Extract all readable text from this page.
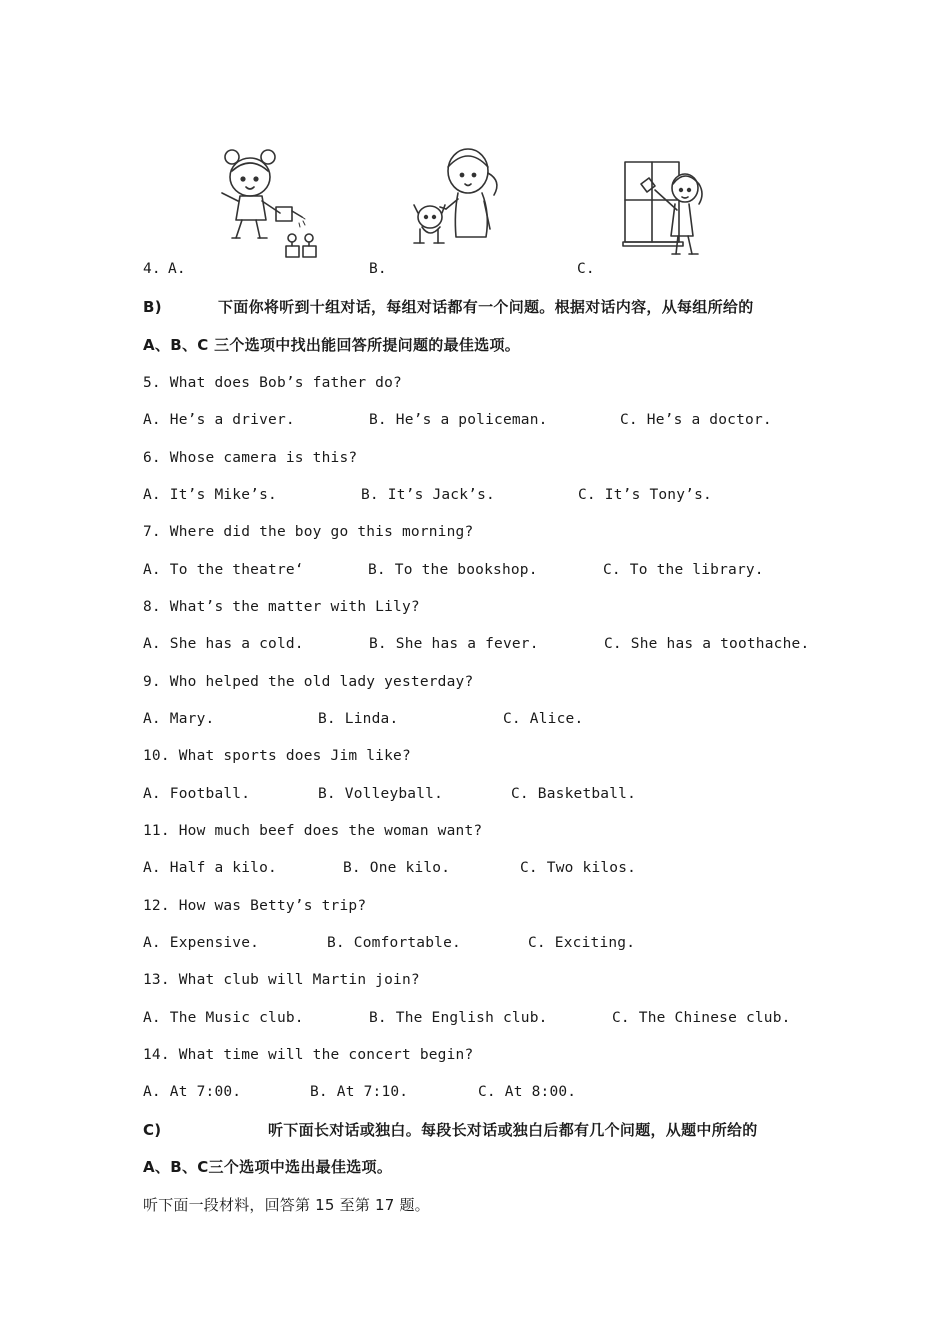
4. A.	B.	C.
B)	下面你将听到十组对话，每组对话都有一个问题。根据对话内容，从每组所给的
A、B、C 三个选项中找出能回答所提问题的最佳选项。
5. What does Bob’s father do?
A. He’s a driver.	B. He’s a policeman.	C. He’s a doctor.
6. Whose camera is this?
A. It’s Mike’s.	B. It’s Jack’s.	C. It’s Tony’s.
7. Where did the boy go this morning?
A. To the theatre‘	B. To the bookshop.	C. To the library.
8. What’s the matter with Lily?
A. She has a cold.	B. She has a fever.	C. She has a toothache.
9. Who helped the old lady yesterday?
A. Mary.	B. Linda.	C. Alice.
10. What sports does Jim like?
A. Football.	B. Volleyball.	C. Basketball.
11. How much beef does the woman want?
A. Half a kilo.	B. One kilo.	C. Two kilos.
12. How was Betty’s trip?
A. Expensive.	B. Comfortable.	C. Exciting.
13. What club will Martin join?
A. The Music club.	B. The English club.	C. The Chinese club.
14. What time will the concert begin?
A. At 7:00.	B. At 7:10.	C. At 8:00.
C)	听下面长对话或独白。每段长对话或独白后都有几个问题，从题中所给的
A、B、C三个选项中选出最佳选项。
听下面一段材料，回答第 15 至第 17 题。
